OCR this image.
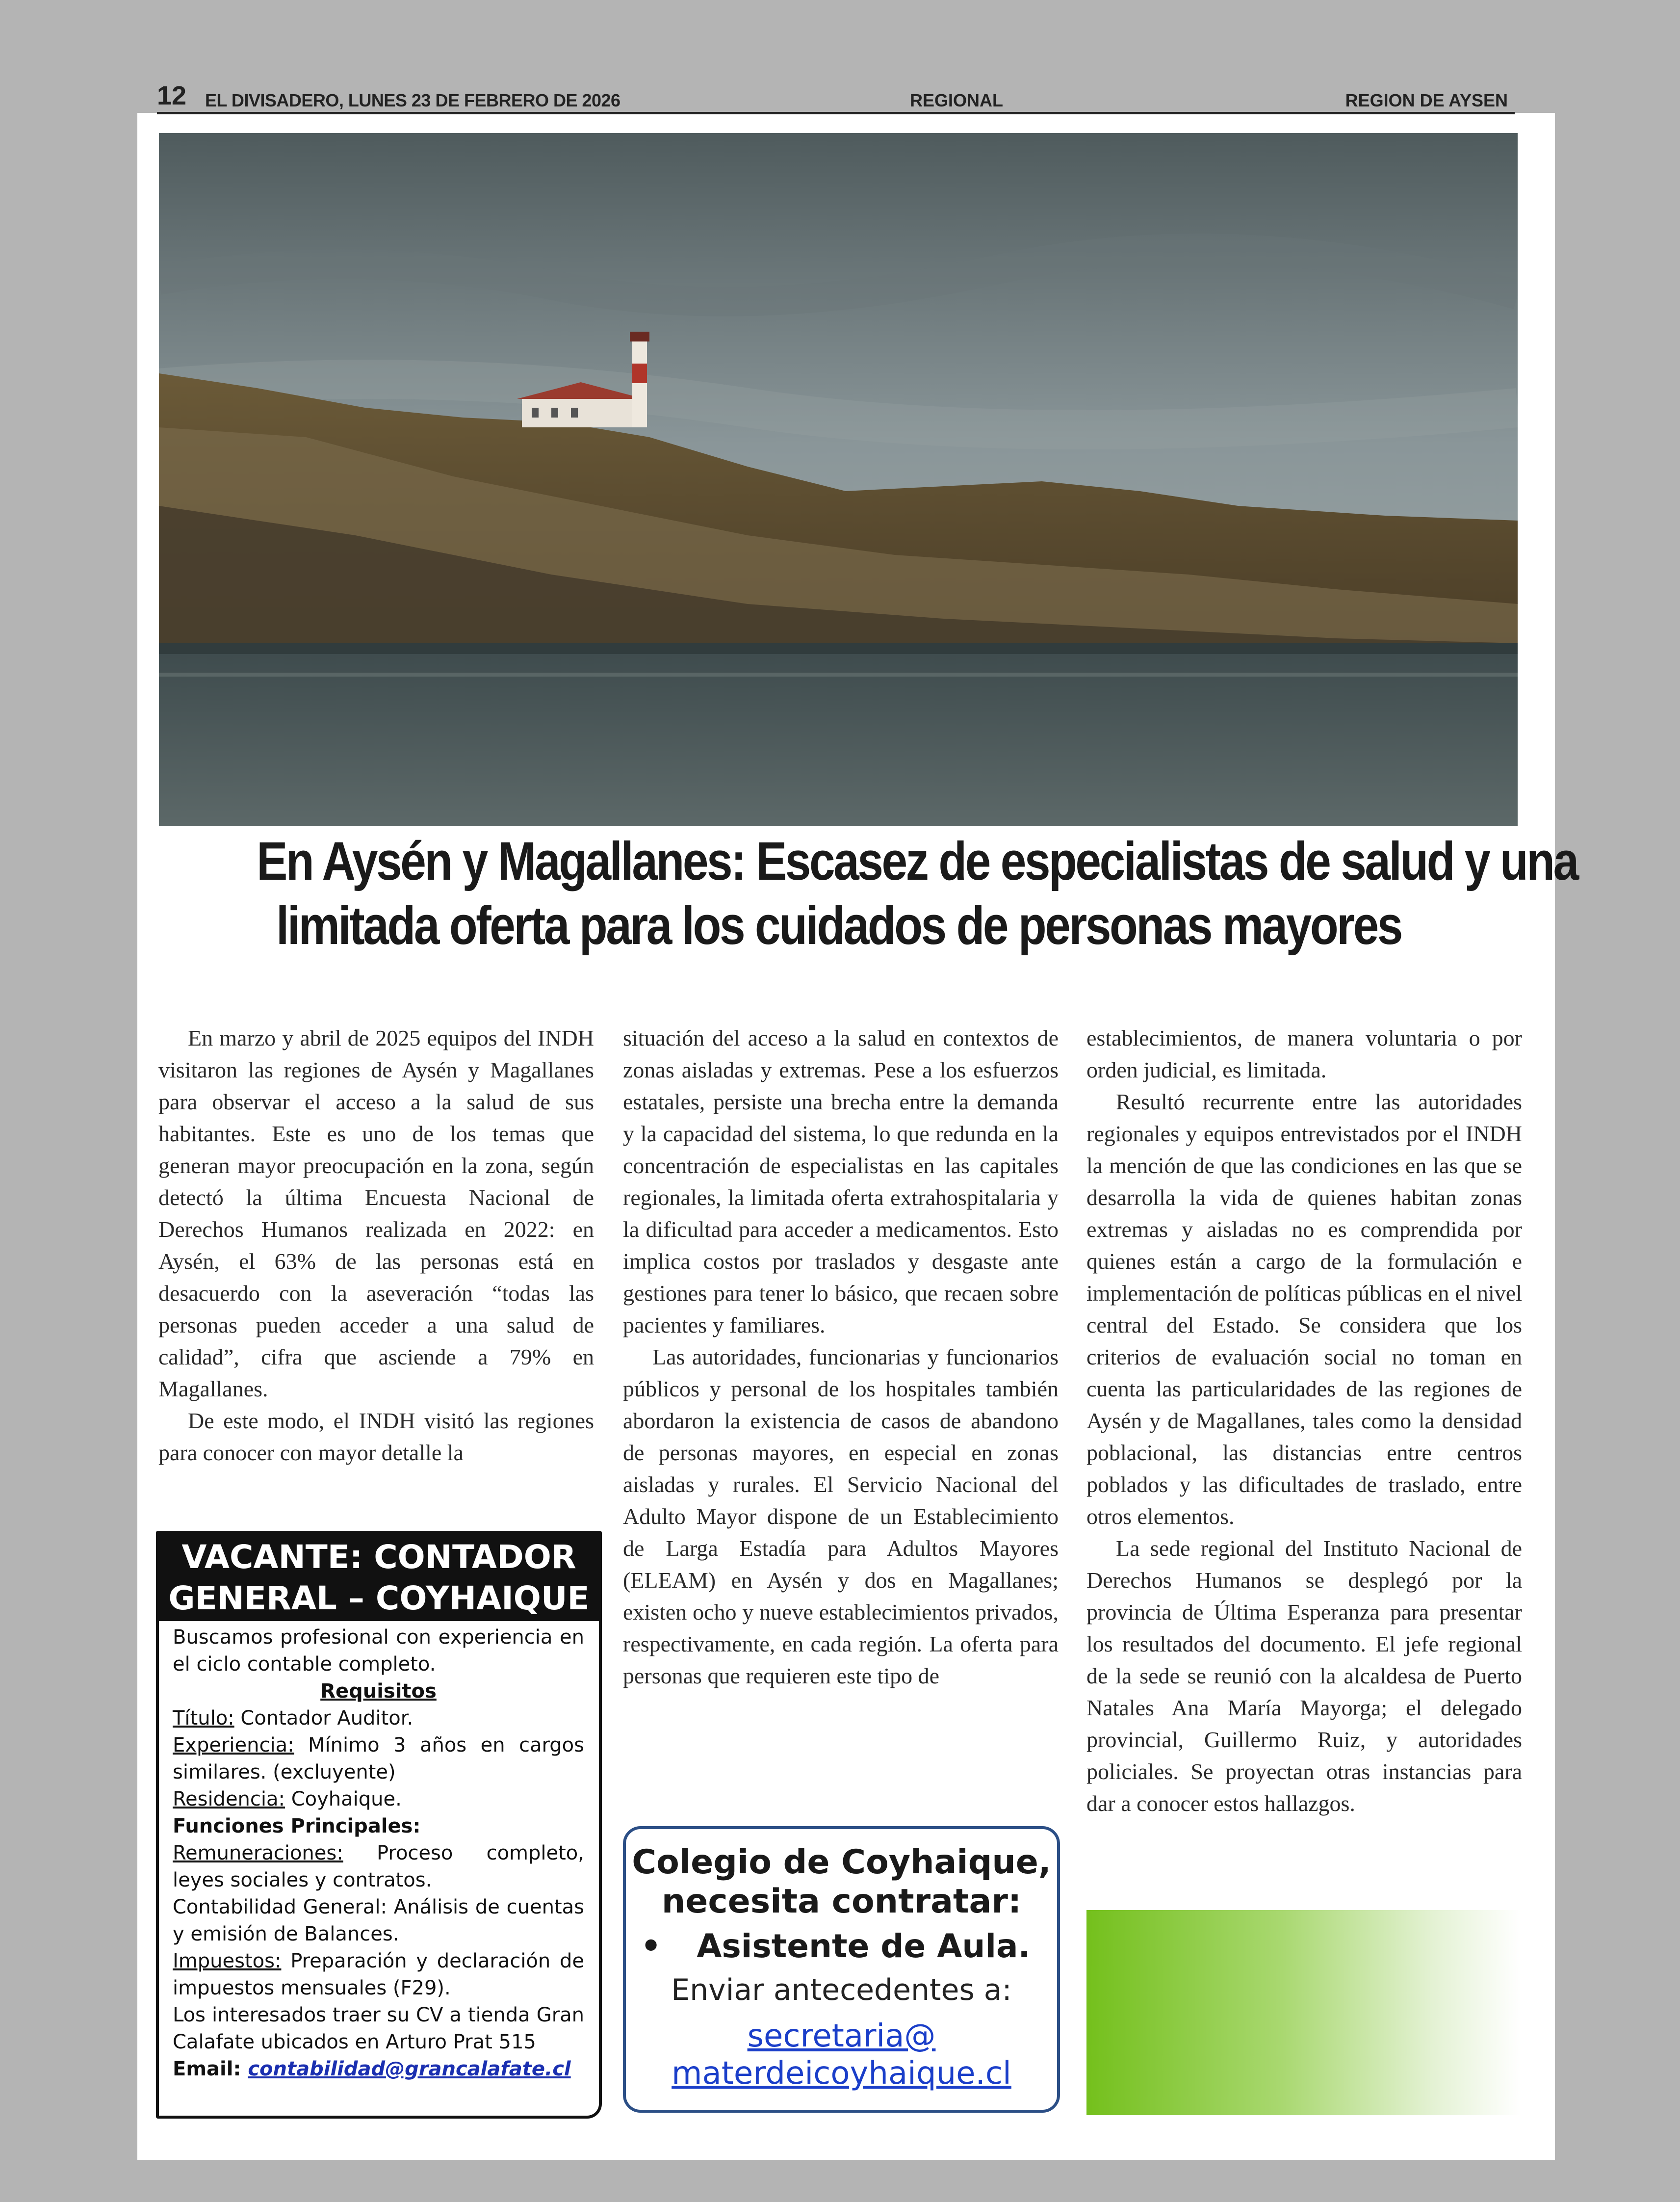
12 EL DIVISADERO, LUNES 23 DE FEBRERO DE 2026	REGIONAL	REGION DE AYSEN
En Aysén y Magallanes: Escasez de especialistas de salud y una
limitada oferta para los cuidados de personas mayores

En marzo y abril de 2025 equipos del INDH visitaron las regiones de Aysén y Magallanes para observar el acceso a la salud de sus habitantes. Este es uno de los temas que generan mayor preocupación en la zona, según detectó la última Encuesta Nacional de Derechos Humanos realizada en 2022: en Aysén, el 63% de las personas está en desacuerdo con la aseveración “todas las personas pueden acceder a una salud de calidad”, cifra que asciende a 79% en Magallanes.

De este modo, el INDH visitó las regiones para conocer con mayor detalle la

situación del acceso a la salud en contextos de zonas aisladas y extremas. Pese a los esfuerzos estatales, persiste una brecha entre la demanda y la capacidad del sistema, lo que redunda en la concentración de especialistas en las capitales regionales, la limitada oferta extrahospitalaria y la dificultad para acceder a medicamentos. Esto implica costos por traslados y desgaste ante gestiones para tener lo básico, que recaen sobre pacientes y familiares.

Las autoridades, funcionarias y funcionarios públicos y personal de los hospitales también abordaron la existencia de casos de abandono de personas mayores, en especial en zonas aisladas y rurales. El Servicio Nacional del Adulto Mayor dispone de un Establecimiento de Larga Estadía para Adultos Mayores (ELEAM) en Aysén y dos en Magallanes; existen ocho y nueve establecimientos privados, respectivamente, en cada región. La oferta para personas que requieren este tipo de

establecimientos, de manera voluntaria o por orden judicial, es limitada.

Resultó recurrente entre las autoridades regionales y equipos entrevistados por el INDH la mención de que las condiciones en las que se desarrolla la vida de quienes habitan zonas extremas y aisladas no es comprendida por quienes están a cargo de la formulación e implementación de políticas públicas en el nivel central del Estado. Se considera que los criterios de evaluación social no toman en cuenta las particularidades de las regiones de Aysén y de Magallanes, tales como la densidad poblacional, las distancias entre centros poblados y las dificultades de traslado, entre otros elementos.

La sede regional del Instituto Nacional de Derechos Humanos se desplegó por la provincia de Última Esperanza para presentar los resultados del documento. El jefe regional de la sede se reunió con la alcaldesa de Puerto Natales Ana María Mayorga; el delegado provincial, Guillermo Ruiz, y autoridades policiales. Se proyectan otras instancias para dar a conocer estos hallazgos.

VACANTE: CONTADOR
GENERAL – COYHAIQUE
Buscamos profesional con experiencia en el ciclo contable completo.
Requisitos
Título: Contador Auditor.
Experiencia: Mínimo 3 años en cargos similares. (excluyente)
Residencia: Coyhaique.
Funciones Principales:
Remuneraciones: Proceso completo, leyes sociales y contratos.
Contabilidad General: Análisis de cuentas y emisión de Balances.
Impuestos: Preparación y declaración de impuestos mensuales (F29).
Los interesados traer su CV a tienda Gran Calafate ubicados en Arturo Prat 515
Email: contabilidad@grancalafate.cl
Colegio de Coyhaique,
necesita contratar:
• Asistente de Aula.
Enviar antecedentes a:
secretaria@
materdeicoyhaique.cl
